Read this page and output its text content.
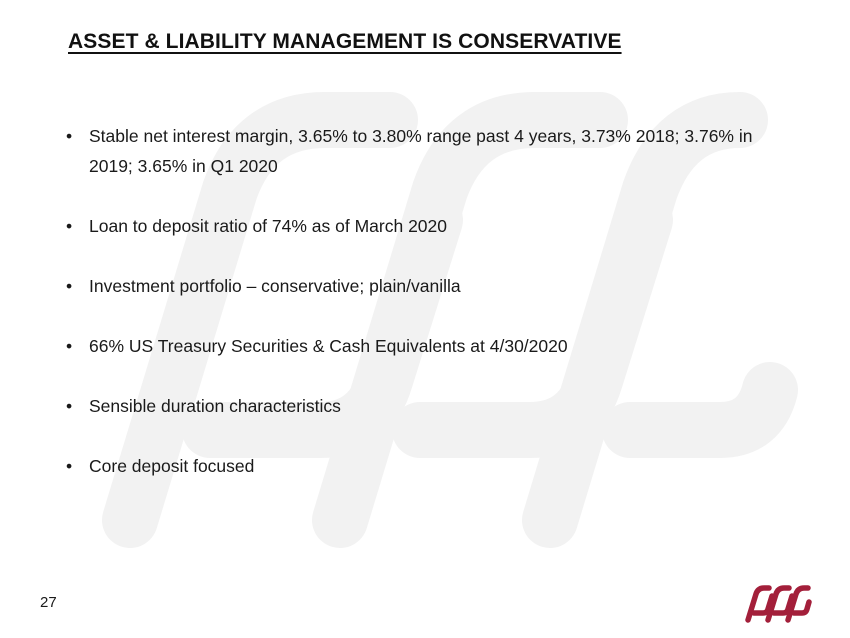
ASSET & LIABILITY MANAGEMENT IS CONSERVATIVE
• Stable net interest margin, 3.65% to 3.80% range past 4 years, 3.73% 2018; 3.76% in 2019; 3.65% in Q1 2020
• Loan to deposit ratio of 74% as of March 2020
• Investment portfolio – conservative; plain/vanilla
• 66% US Treasury Securities & Cash Equivalents at 4/30/2020
• Sensible duration characteristics
• Core deposit focused
27
